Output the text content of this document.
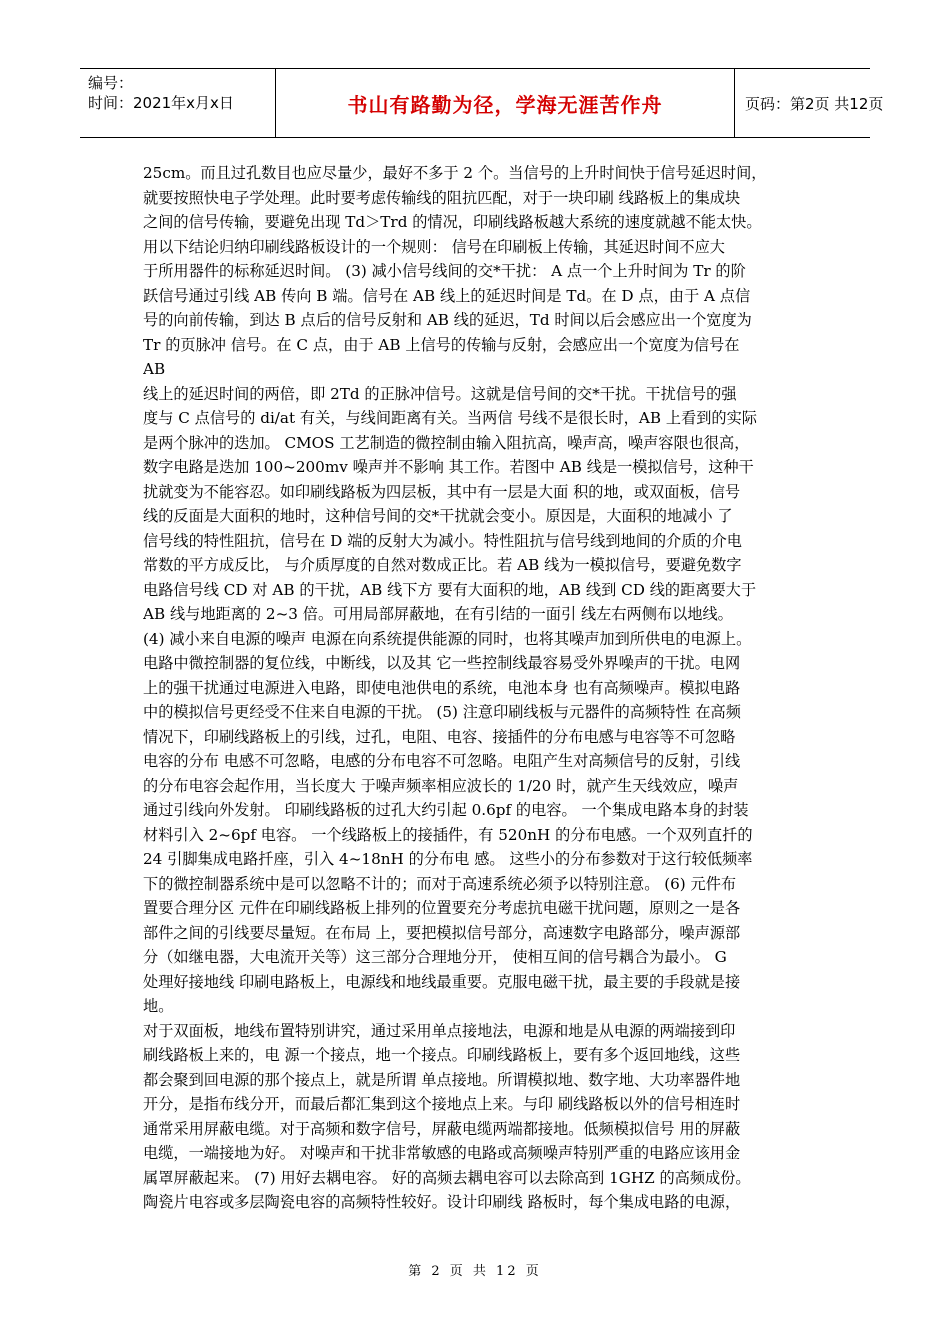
编号：
时间：2021年x月x日	书山有路勤为径，学海无涯苦作舟	页码：第2页 共12页
25cm。而且过孔数目也应尽量少，最好不多于 2 个。当信号的上升时间快于信号延迟时间，
就要按照快电子学处理。此时要考虑传输线的阻抗匹配，对于一块印刷 线路板上的集成块
之间的信号传输，要避免出现 Td＞Trd 的情况，印刷线路板越大系统的速度就越不能太快。
用以下结论归纳印刷线路板设计的一个规则： 信号在印刷板上传输，其延迟时间不应大
于所用器件的标称延迟时间。 (3) 减小信号线间的交*干扰： A 点一个上升时间为 Tr 的阶
跃信号通过引线 AB 传向 B 端。信号在 AB 线上的延迟时间是 Td。在 D 点，由于 A 点信
号的向前传输，到达 B 点后的信号反射和 AB 线的延迟，Td 时间以后会感应出一个宽度为
Tr 的页脉冲 信号。在 C 点，由于 AB 上信号的传输与反射，会感应出一个宽度为信号在
AB
线上的延迟时间的两倍，即 2Td 的正脉冲信号。这就是信号间的交*干扰。干扰信号的强
度与 C 点信号的 di/at 有关，与线间距离有关。当两信 号线不是很长时，AB 上看到的实际
是两个脉冲的迭加。 CMOS 工艺制造的微控制由输入阻抗高，噪声高，噪声容限也很高，
数字电路是迭加 100~200mv 噪声并不影响 其工作。若图中 AB 线是一模拟信号，这种干
扰就变为不能容忍。如印刷线路板为四层板，其中有一层是大面 积的地，或双面板，信号
线的反面是大面积的地时，这种信号间的交*干扰就会变小。原因是，大面积的地减小 了
信号线的特性阻抗，信号在 D 端的反射大为减小。特性阻抗与信号线到地间的介质的介电
常数的平方成反比， 与介质厚度的自然对数成正比。若 AB 线为一模拟信号，要避免数字
电路信号线 CD 对 AB 的干扰，AB 线下方 要有大面积的地，AB 线到 CD 线的距离要大于
AB 线与地距离的 2~3 倍。可用局部屏蔽地，在有引结的一面引 线左右两侧布以地线。
(4) 减小来自电源的噪声 电源在向系统提供能源的同时，也将其噪声加到所供电的电源上。
电路中微控制器的复位线，中断线，以及其 它一些控制线最容易受外界噪声的干扰。电网
上的强干扰通过电源进入电路，即使电池供电的系统，电池本身 也有高频噪声。模拟电路
中的模拟信号更经受不住来自电源的干扰。 (5) 注意印刷线板与元器件的高频特性 在高频
情况下，印刷线路板上的引线，过孔，电阻、电容、接插件的分布电感与电容等不可忽略
电容的分布 电感不可忽略，电感的分布电容不可忽略。电阻产生对高频信号的反射，引线
的分布电容会起作用，当长度大 于噪声频率相应波长的 1/20 时，就产生天线效应，噪声
通过引线向外发射。 印刷线路板的过孔大约引起 0.6pf 的电容。 一个集成电路本身的封装
材料引入 2~6pf 电容。 一个线路板上的接插件，有 520nH 的分布电感。一个双列直扦的
24 引脚集成电路扦座，引入 4~18nH 的分布电 感。 这些小的分布参数对于这行较低频率
下的微控制器系统中是可以忽略不计的；而对于高速系统必须予以特别注意。 (6) 元件布
置要合理分区 元件在印刷线路板上排列的位置要充分考虑抗电磁干扰问题，原则之一是各
部件之间的引线要尽量短。在布局 上，要把模拟信号部分，高速数字电路部分，噪声源部
分（如继电器，大电流开关等）这三部分合理地分开， 使相互间的信号耦合为最小。 G
处理好接地线 印刷电路板上，电源线和地线最重要。克服电磁干扰，最主要的手段就是接
地。
对于双面板，地线布置特别讲究，通过采用单点接地法，电源和地是从电源的两端接到印
刷线路板上来的，电 源一个接点，地一个接点。印刷线路板上，要有多个返回地线，这些
都会聚到回电源的那个接点上，就是所谓 单点接地。所谓模拟地、数字地、大功率器件地
开分，是指布线分开，而最后都汇集到这个接地点上来。与印 刷线路板以外的信号相连时
通常采用屏蔽电缆。对于高频和数字信号，屏蔽电缆两端都接地。低频模拟信号 用的屏蔽
电缆，一端接地为好。 对噪声和干扰非常敏感的电路或高频噪声特别严重的电路应该用金
属罩屏蔽起来。 (7) 用好去耦电容。 好的高频去耦电容可以去除高到 1GHZ 的高频成份。
陶瓷片电容或多层陶瓷电容的高频特性较好。设计印刷线 路板时，每个集成电路的电源，
第 2 页 共 12 页
